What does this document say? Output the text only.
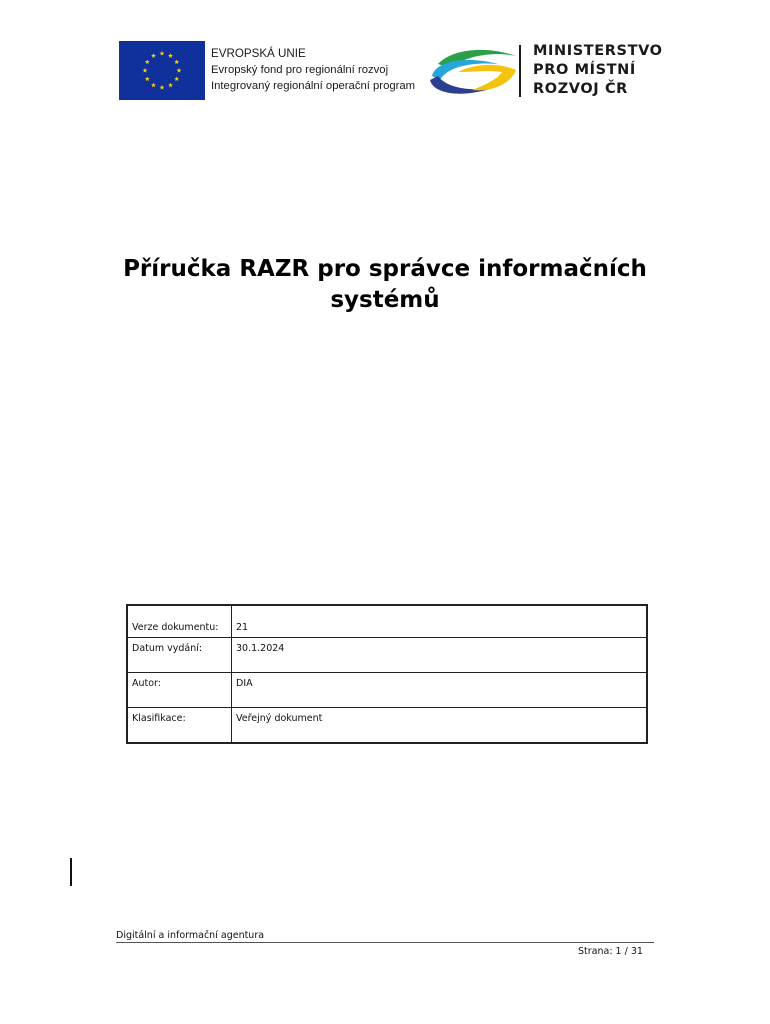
EVROPSKÁ UNIE
Evropský fond pro regionální rozvoj
Integrovaný regionální operační program
MINISTERSTVO
PRO MÍSTNÍ
ROZVOJ ČR
Příručka RAZR pro správce informačních
systémů
Verze dokumentu:	21
Datum vydání:	30.1.2024
Autor:	DIA
Klasifikace:	Veřejný dokument
Digitální a informační agentura
Strana: 1 / 31
